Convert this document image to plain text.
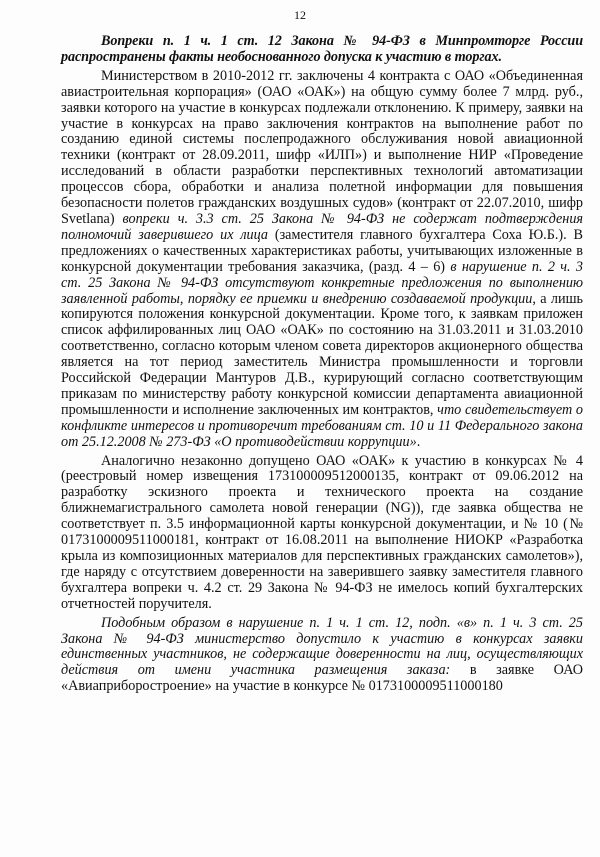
12
Вопреки п. 1 ч. 1 ст. 12 Закона № 94-ФЗ в Минпромторге России распространены факты необоснованного допуска к участию в торгах.

Министерством в 2010-2012 гг. заключены 4 контракта с ОАО «Объединенная авиастроительная корпорация» (ОАО «ОАК») на общую сумму более 7 млрд. руб., заявки которого на участие в конкурсах подлежали отклонению. К примеру, заявки на участие в конкурсах на право заключения контрактов на выполнение работ по созданию единой системы послепродажного обслуживания новой авиационной техники (контракт от 28.09.2011, шифр «ИЛП») и выполнение НИР «Проведение исследований в области разработки перспективных технологий автоматизации процессов сбора, обработки и анализа полетной информации для повышения безопасности полетов гражданских воздушных судов» (контракт от 22.07.2010, шифр Svetlana) вопреки ч. 3.3 ст. 25 Закона № 94-ФЗ не содержат подтверждения полномочий заверившего их лица (заместителя главного бухгалтера Соха Ю.Б.). В предложениях о качественных характеристиках работы, учитывающих изложенные в конкурсной документации требования заказчика, (разд. 4 – 6) в нарушение п. 2 ч. 3 ст. 25 Закона № 94-ФЗ отсутствуют конкретные предложения по выполнению заявленной работы, порядку ее приемки и внедрению создаваемой продукции, а лишь копируются положения конкурсной документации. Кроме того, к заявкам приложен список аффилированных лиц ОАО «ОАК» по состоянию на 31.03.2011 и 31.03.2010 соответственно, согласно которым членом совета директоров акционерного общества является на тот период заместитель Министра промышленности и торговли Российской Федерации Мантуров Д.В., курирующий согласно соответствующим приказам по министерству работу конкурсной комиссии департамента авиационной промышленности и исполнение заключенных им контрактов, что свидетельствует о конфликте интересов и противоречит требованиям ст. 10 и 11 Федерального закона от 25.12.2008 № 273-ФЗ «О противодействии коррупции».

Аналогично незаконно допущено ОАО «ОАК» к участию в конкурсах № 4 (реестровый номер извещения 173100009512000135, контракт от 09.06.2012 на разработку эскизного проекта и технического проекта на создание ближнемагистрального самолета новой генерации (NG)), где заявка общества не соответствует п. 3.5 информационной карты конкурсной документации, и № 10 (№ 0173100009511000181, контракт от 16.08.2011 на выполнение НИОКР «Разработка крыла из композиционных материалов для перспективных гражданских самолетов»), где наряду с отсутствием доверенности на заверившего заявку заместителя главного бухгалтера вопреки ч. 4.2 ст. 29 Закона № 94-ФЗ не имелось копий бухгалтерских отчетностей поручителя.

Подобным образом в нарушение п. 1 ч. 1 ст. 12, подп. «в» п. 1 ч. 3 ст. 25 Закона № 94-ФЗ министерство допустило к участию в конкурсах заявки единственных участников, не содержащие доверенности на лиц, осуществляющих действия от имени участника размещения заказа: в заявке ОАО «Авиаприборостроение» на участие в конкурсе № 0173100009511000180
